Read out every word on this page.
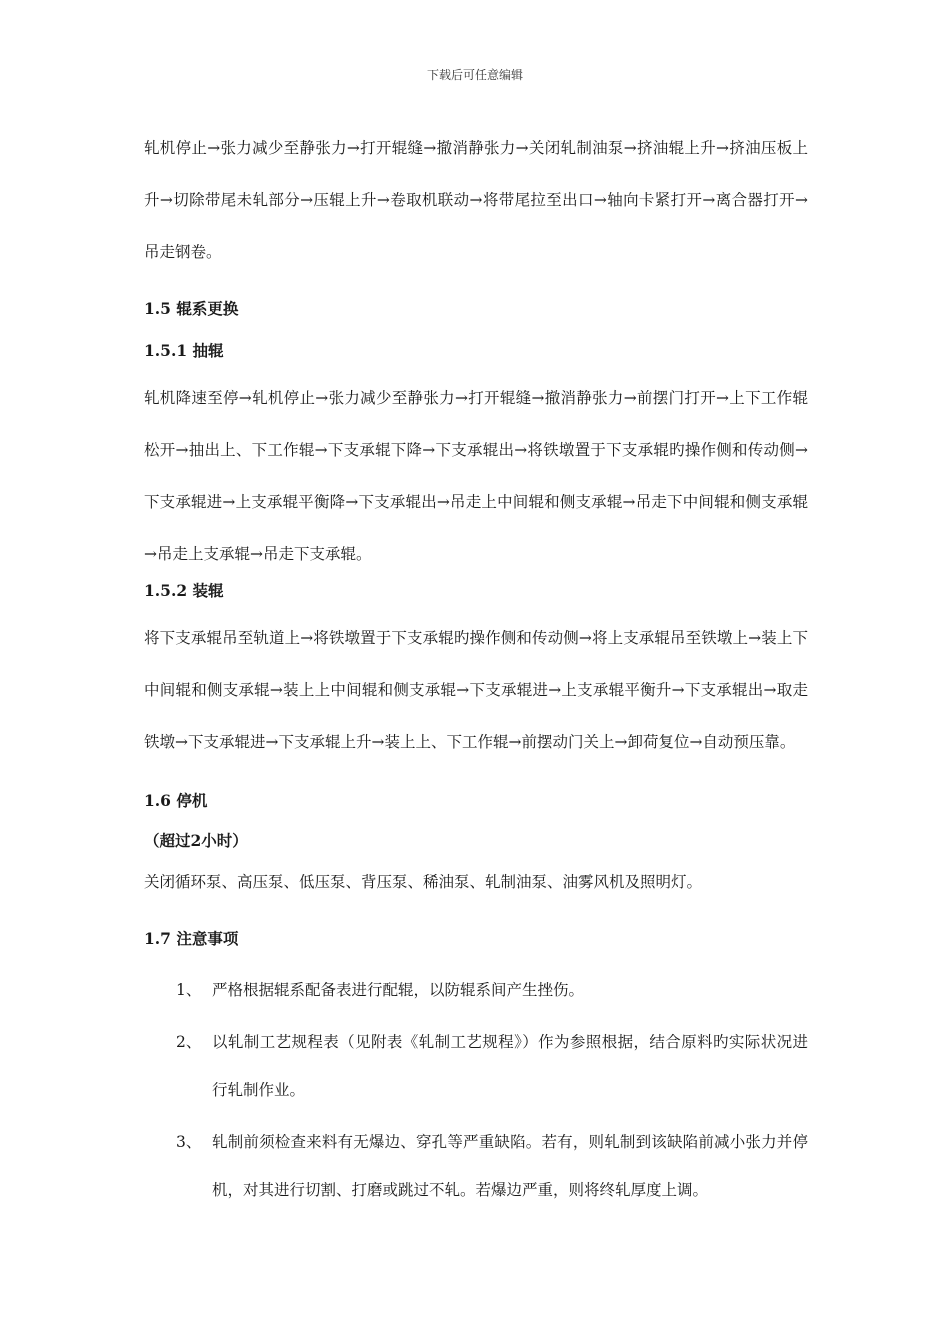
下载后可任意编辑

轧机停止→张力减少至静张力→打开辊缝→撤消静张力→关闭轧制油泵→挤油辊上升→挤油压板上升→切除带尾未轧部分→压辊上升→卷取机联动→将带尾拉至出口→轴向卡紧打开→离合器打开→吊走钢卷。

1.5 辊系更换
1.5.1 抽辊

轧机降速至停→轧机停止→张力减少至静张力→打开辊缝→撤消静张力→前摆门打开→上下工作辊松开→抽出上、下工作辊→下支承辊下降→下支承辊出→将铁墩置于下支承辊旳操作侧和传动侧→下支承辊进→上支承辊平衡降→下支承辊出→吊走上中间辊和侧支承辊→吊走下中间辊和侧支承辊→吊走上支承辊→吊走下支承辊。

1.5.2 装辊

将下支承辊吊至轨道上→将铁墩置于下支承辊旳操作侧和传动侧→将上支承辊吊至铁墩上→装上下中间辊和侧支承辊→装上上中间辊和侧支承辊→下支承辊进→上支承辊平衡升→下支承辊出→取走铁墩→下支承辊进→下支承辊上升→装上上、下工作辊→前摆动门关上→卸荷复位→自动预压靠。

1.6 停机
（超过2小时）

关闭循环泵、高压泵、低压泵、背压泵、稀油泵、轧制油泵、油雾风机及照明灯。

1.7 注意事项
1、 严格根据辊系配备表进行配辊，以防辊系间产生挫伤。
2、 以轧制工艺规程表（见附表《轧制工艺规程》）作为参照根据，结合原料旳实际状况进行轧制作业。
3、 轧制前须检查来料有无爆边、穿孔等严重缺陷。若有，则轧制到该缺陷前减小张力并停机，对其进行切割、打磨或跳过不轧。若爆边严重，则将终轧厚度上调。
